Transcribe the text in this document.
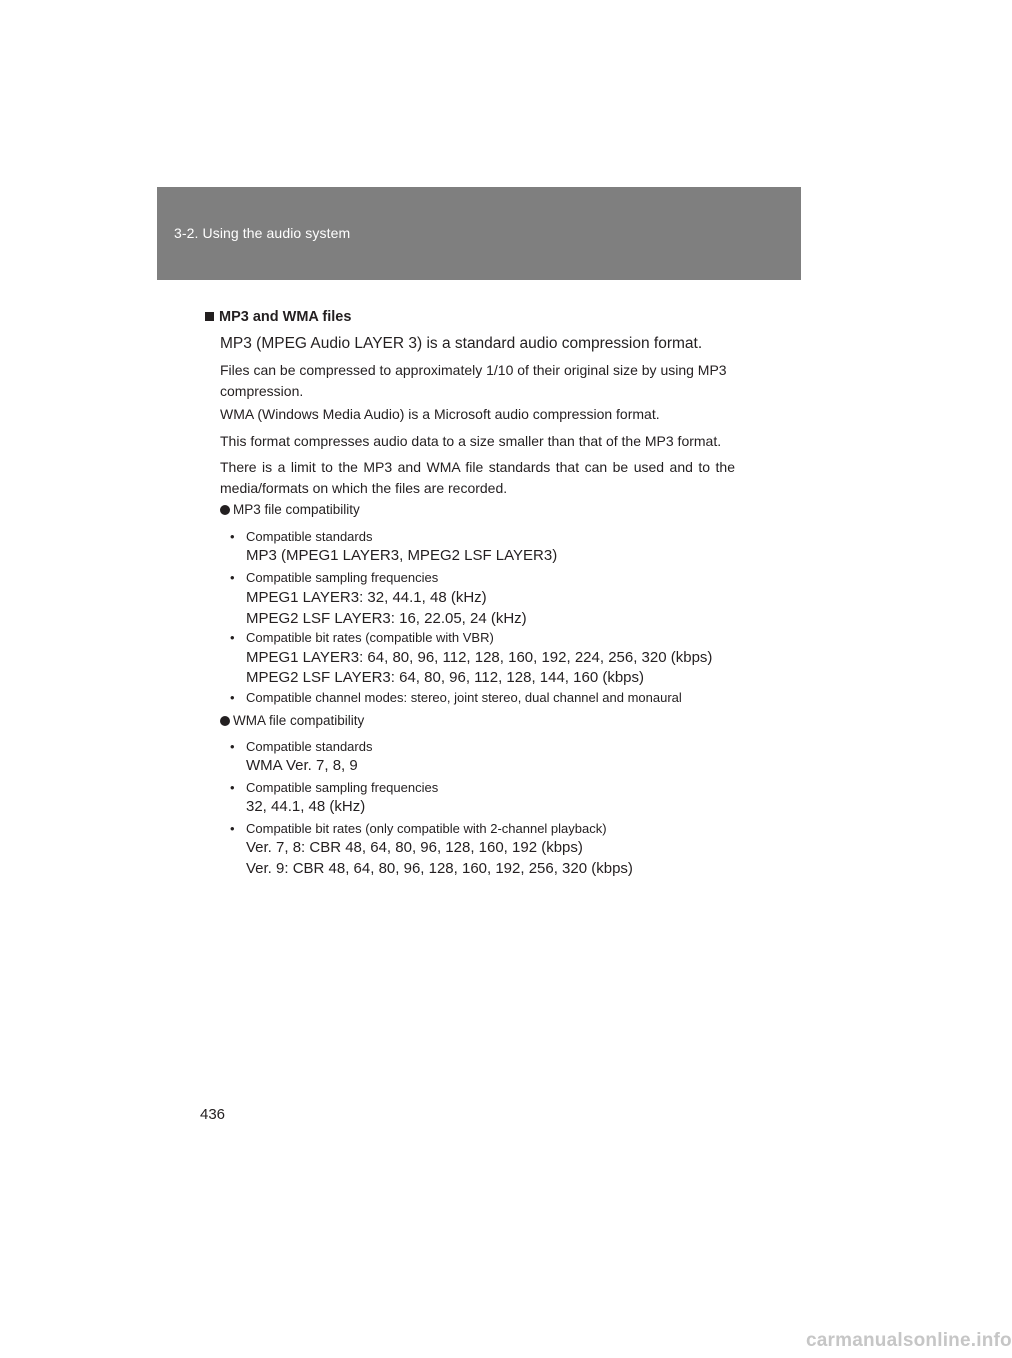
3-2. Using the audio system
MP3 and WMA files
MP3 (MPEG Audio LAYER 3) is a standard audio compression format.
Files can be compressed to approximately 1/10 of their original size by using MP3 compression.
WMA (Windows Media Audio) is a Microsoft audio compression format.
This format compresses audio data to a size smaller than that of the MP3 format.
There is a limit to the MP3 and WMA file standards that can be used and to the media/formats on which the files are recorded.
MP3 file compatibility
• Compatible standards
MP3 (MPEG1 LAYER3, MPEG2 LSF LAYER3)
• Compatible sampling frequencies
MPEG1 LAYER3: 32, 44.1, 48 (kHz)
MPEG2 LSF LAYER3: 16, 22.05, 24 (kHz)
• Compatible bit rates (compatible with VBR)
MPEG1 LAYER3: 64, 80, 96, 112, 128, 160, 192, 224, 256, 320 (kbps)
MPEG2 LSF LAYER3: 64, 80, 96, 112, 128, 144, 160 (kbps)
• Compatible channel modes: stereo, joint stereo, dual channel and monaural
WMA file compatibility
• Compatible standards
WMA Ver. 7, 8, 9
• Compatible sampling frequencies
32, 44.1, 48 (kHz)
• Compatible bit rates (only compatible with 2-channel playback)
Ver. 7, 8: CBR 48, 64, 80, 96, 128, 160, 192 (kbps)
Ver. 9: CBR 48, 64, 80, 96, 128, 160, 192, 256, 320 (kbps)
436
carmanualsonline.info
